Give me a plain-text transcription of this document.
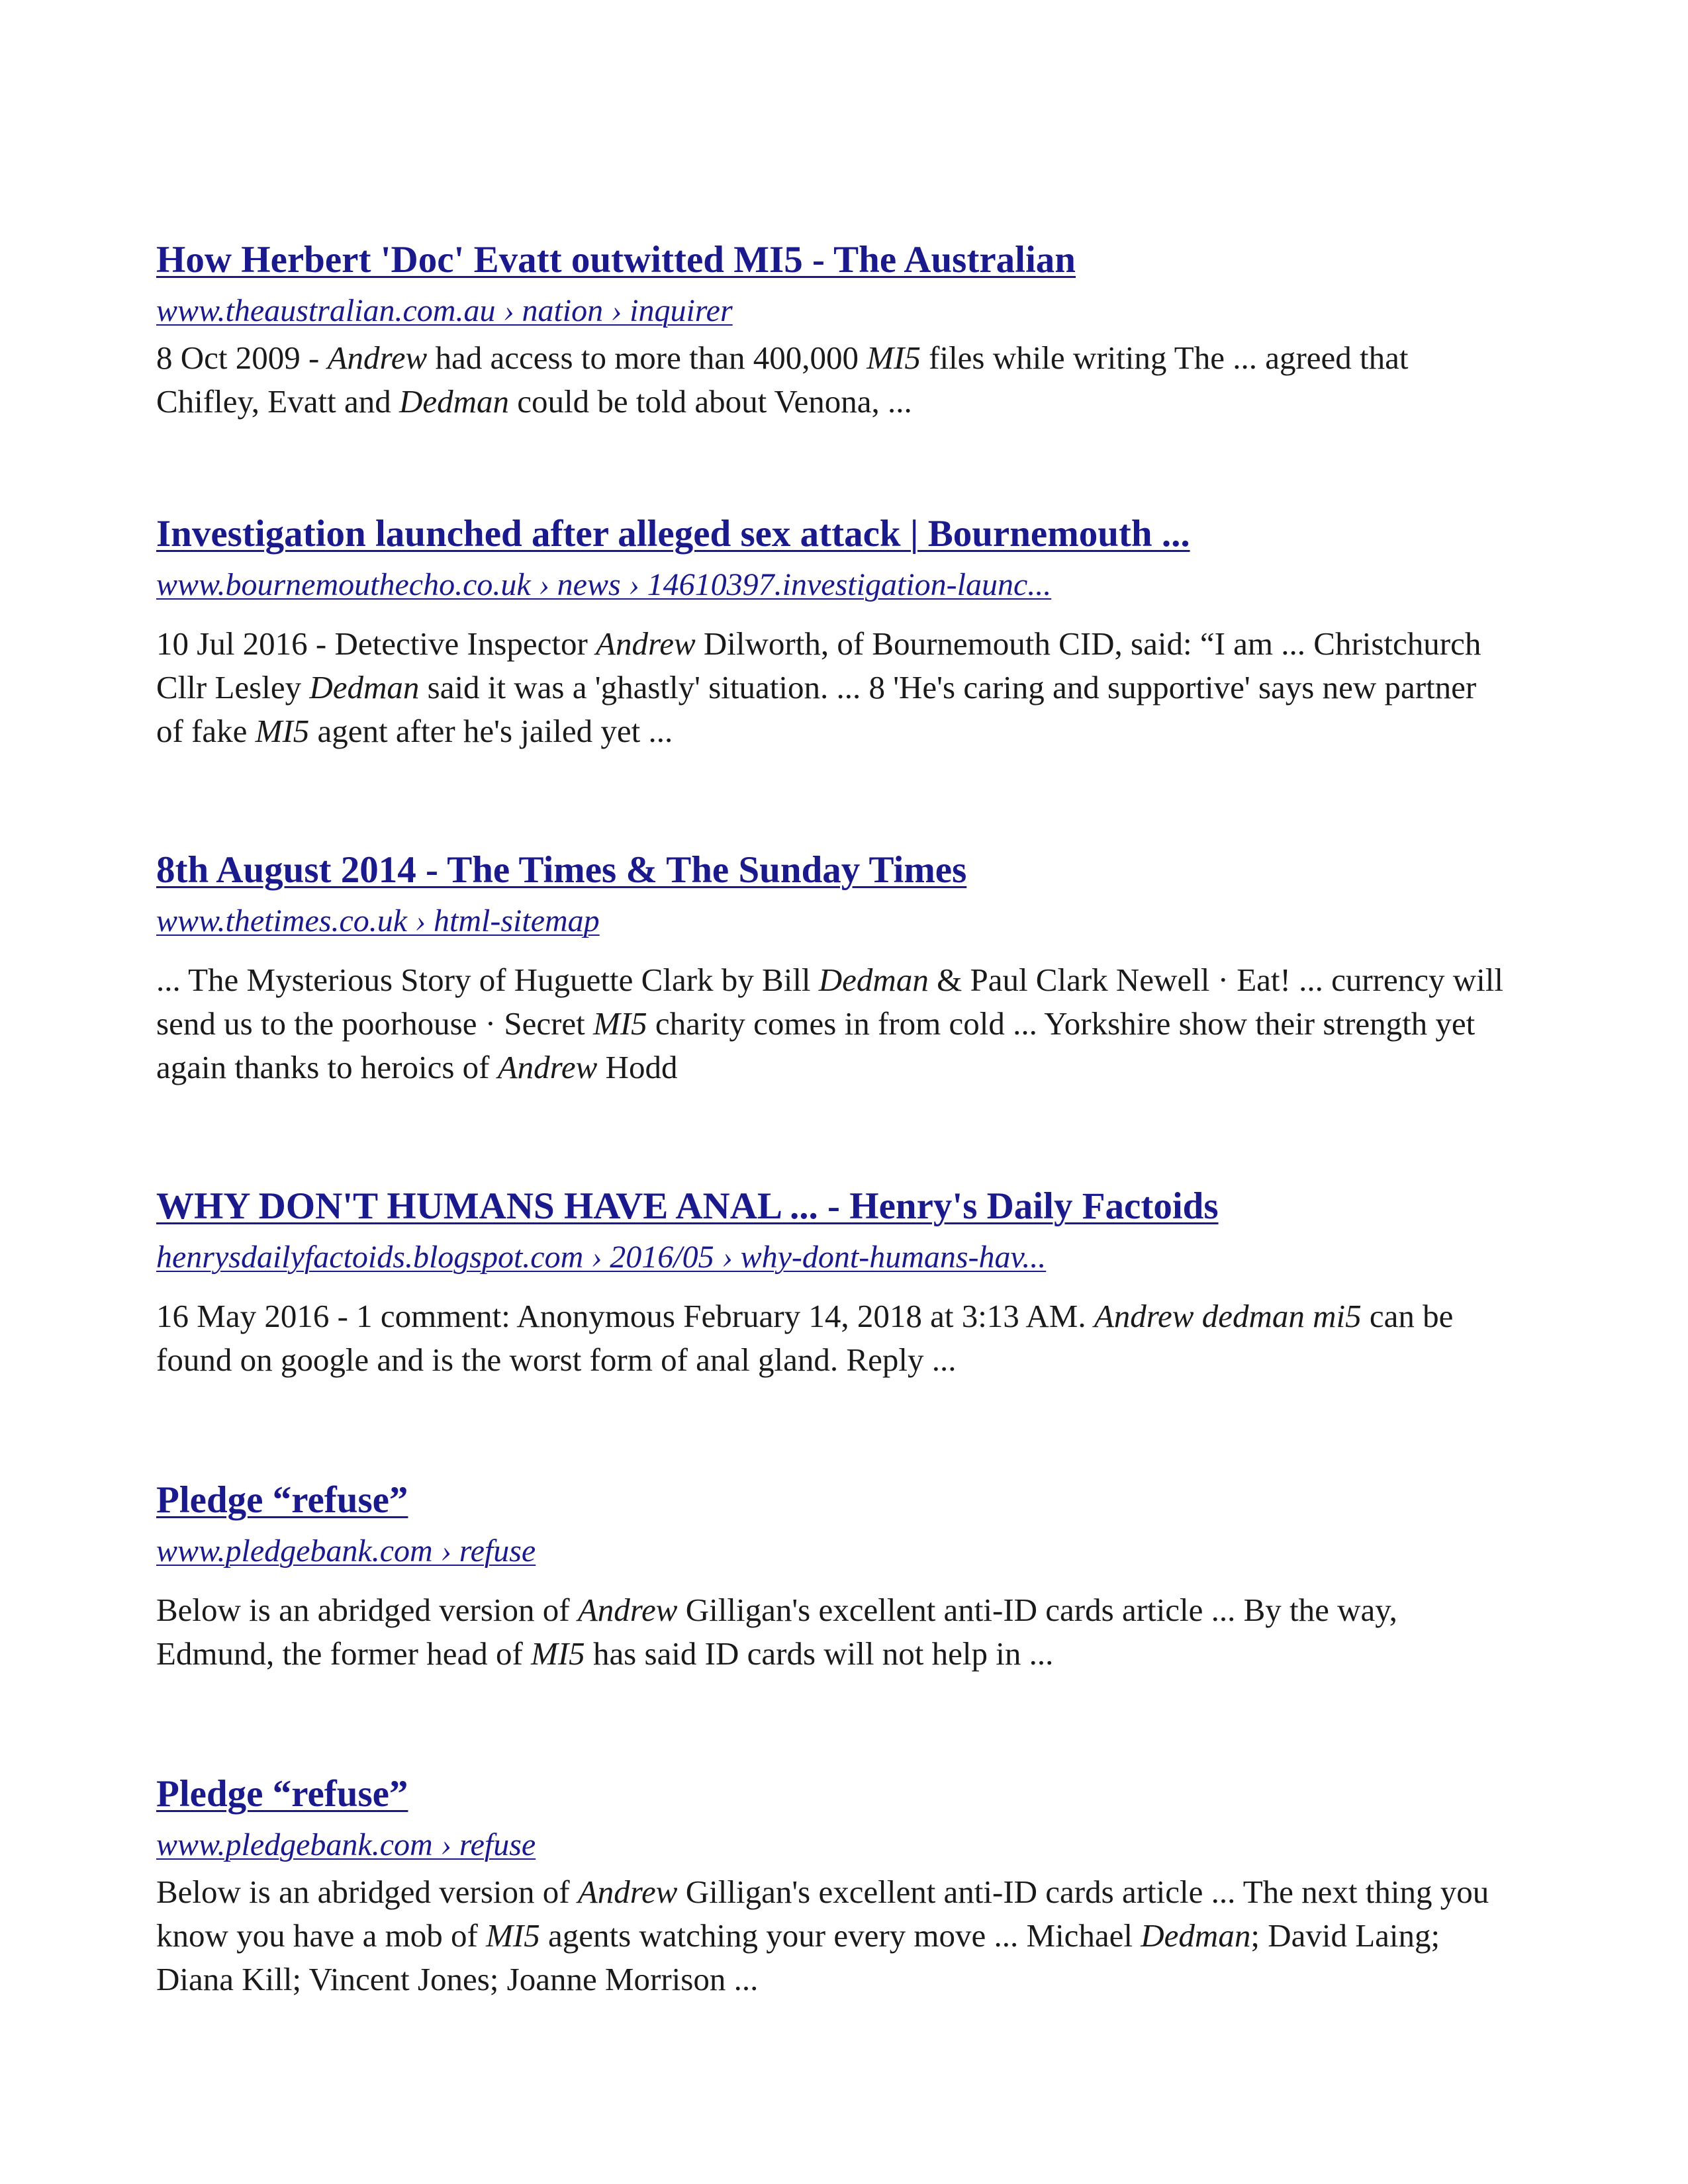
How Herbert 'Doc' Evatt outwitted MI5 - The Australian
www.theaustralian.com.au › nation › inquirer
8 Oct 2009 - Andrew had access to more than 400,000 MI5 files while writing The ... agreed that
Chifley, Evatt and Dedman could be told about Venona, ...
Investigation launched after alleged sex attack | Bournemouth ...
www.bournemouthecho.co.uk › news › 14610397.investigation-launc...
10 Jul 2016 - Detective Inspector Andrew Dilworth, of Bournemouth CID, said: “I am ... Christchurch
Cllr Lesley Dedman said it was a 'ghastly' situation. ... 8 'He's caring and supportive' says new partner
of fake MI5 agent after he's jailed yet ...
8th August 2014 - The Times & The Sunday Times
www.thetimes.co.uk › html-sitemap
... The Mysterious Story of Huguette Clark by Bill Dedman & Paul Clark Newell · Eat! ... currency will
send us to the poorhouse · Secret MI5 charity comes in from cold ... Yorkshire show their strength yet
again thanks to heroics of Andrew Hodd
WHY DON'T HUMANS HAVE ANAL ... - Henry's Daily Factoids
henrysdailyfactoids.blogspot.com › 2016/05 › why-dont-humans-hav...
16 May 2016 - 1 comment: Anonymous February 14, 2018 at 3:13 AM. Andrew dedman mi5 can be
found on google and is the worst form of anal gland. Reply ...
Pledge “refuse”
www.pledgebank.com › refuse
Below is an abridged version of Andrew Gilligan's excellent anti-ID cards article ... By the way,
Edmund, the former head of MI5 has said ID cards will not help in ...
Pledge “refuse”
www.pledgebank.com › refuse
Below is an abridged version of Andrew Gilligan's excellent anti-ID cards article ... The next thing you
know you have a mob of MI5 agents watching your every move ... Michael Dedman; David Laing;
Diana Kill; Vincent Jones; Joanne Morrison ...
